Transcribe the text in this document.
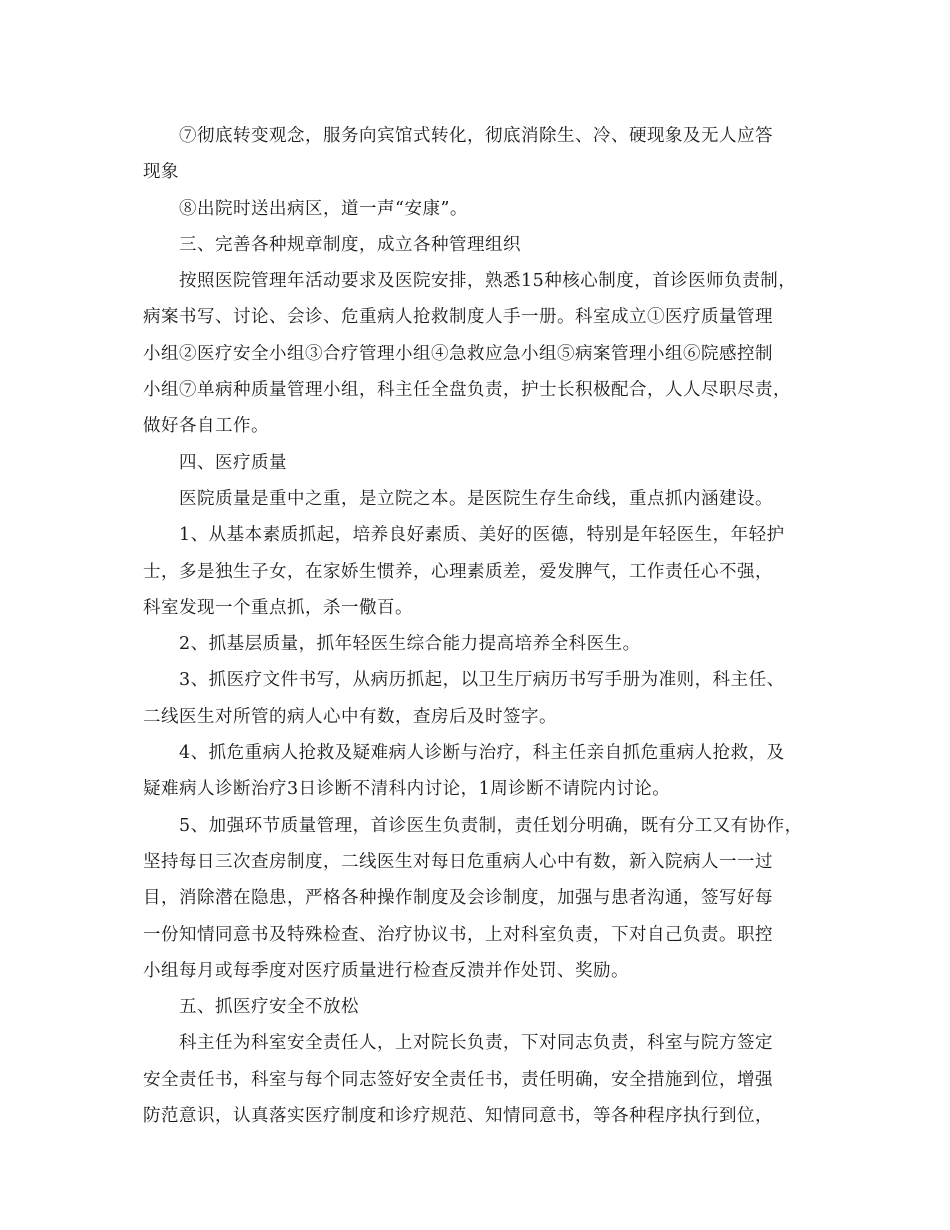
⑦彻底转变观念，服务向宾馆式转化，彻底消除生、冷、硬现象及无人应答
现象

⑧出院时送出病区，道一声“安康”。

三、完善各种规章制度，成立各种管理组织

按照医院管理年活动要求及医院安排，熟悉15种核心制度，首诊医师负责制，
病案书写、讨论、会诊、危重病人抢救制度人手一册。科室成立①医疗质量管理
小组②医疗安全小组③合疗管理小组④急救应急小组⑤病案管理小组⑥院感控制
小组⑦单病种质量管理小组，科主任全盘负责，护士长积极配合，人人尽职尽责，
做好各自工作。

四、医疗质量

医院质量是重中之重，是立院之本。是医院生存生命线，重点抓内涵建设。

1、从基本素质抓起，培养良好素质、美好的医德，特别是年轻医生，年轻护
士，多是独生子女，在家娇生惯养，心理素质差，爱发脾气，工作责任心不强，
科室发现一个重点抓，杀一儆百。

2、抓基层质量，抓年轻医生综合能力提高培养全科医生。

3、抓医疗文件书写，从病历抓起，以卫生厅病历书写手册为准则，科主任、
二线医生对所管的病人心中有数，查房后及时签字。

4、抓危重病人抢救及疑难病人诊断与治疗，科主任亲自抓危重病人抢救，及
疑难病人诊断治疗3日诊断不清科内讨论，1周诊断不请院内讨论。

5、加强环节质量管理，首诊医生负责制，责任划分明确，既有分工又有协作，
坚持每日三次查房制度，二线医生对每日危重病人心中有数，新入院病人一一过
目，消除潜在隐患，严格各种操作制度及会诊制度，加强与患者沟通，签写好每
一份知情同意书及特殊检查、治疗协议书，上对科室负责，下对自己负责。职控
小组每月或每季度对医疗质量进行检查反溃并作处罚、奖励。

五、抓医疗安全不放松

科主任为科室安全责任人，上对院长负责，下对同志负责，科室与院方签定
安全责任书，科室与每个同志签好安全责任书，责任明确，安全措施到位，增强
防范意识，认真落实医疗制度和诊疗规范、知情同意书，等各种程序执行到位，
